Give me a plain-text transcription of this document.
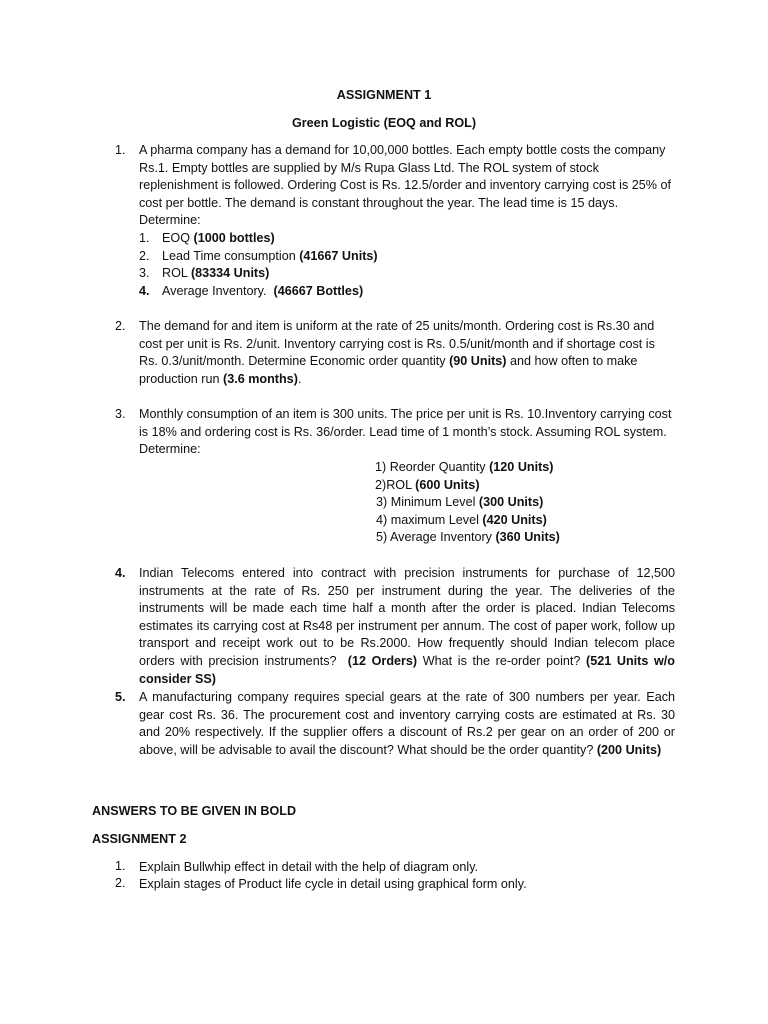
ASSIGNMENT 1
Green Logistic (EOQ and ROL)
1.	A pharma company has a demand for 10,00,000 bottles. Each empty bottle costs the company Rs.1. Empty bottles are supplied by M/s Rupa Glass Ltd. The ROL system of stock replenishment is followed. Ordering Cost is Rs. 12.5/order and inventory carrying cost is 25% of cost per bottle. The demand is constant throughout the year. The lead time is 15 days. Determine:
1. EOQ (1000 bottles)
2. Lead Time consumption (41667 Units)
3. ROL (83334 Units)
4. Average Inventory.  (46667 Bottles)
2.	The demand for and item is uniform at the rate of 25 units/month. Ordering cost is Rs.30 and cost per unit is Rs. 2/unit. Inventory carrying cost is Rs. 0.5/unit/month and if shortage cost is Rs. 0.3/unit/month. Determine Economic order quantity (90 Units) and how often to make production run (3.6 months).
3.	Monthly consumption of an item is 300 units. The price per unit is Rs. 10.Inventory carrying cost is 18% and ordering cost is Rs. 36/order. Lead time of 1 month’s stock. Assuming ROL system. Determine:
1) Reorder Quantity (120 Units)
2)ROL (600 Units)
3) Minimum Level (300 Units)
4) maximum Level (420 Units)
5) Average Inventory (360 Units)
4.	Indian Telecoms entered into contract with precision instruments for purchase of 12,500 instruments at the rate of Rs. 250 per instrument during the year. The deliveries of the instruments will be made each time half a month after the order is placed. Indian Telecoms estimates its carrying cost at Rs48 per instrument per annum. The cost of paper work, follow up transport and receipt work out to be Rs.2000. How frequently should Indian telecom place orders with precision instruments?  (12 Orders) What is the re-order point? (521 Units w/o consider SS)
5.	A manufacturing company requires special gears at the rate of 300 numbers per year. Each gear cost Rs. 36. The procurement cost and inventory carrying costs are estimated at Rs. 30 and 20% respectively. If the supplier offers a discount of Rs.2 per gear on an order of 200 or above, will be advisable to avail the discount? What should be the order quantity? (200 Units)
ANSWERS TO BE GIVEN IN BOLD
ASSIGNMENT 2
1.	Explain Bullwhip effect in detail with the help of diagram only.
2.	Explain stages of Product life cycle in detail using graphical form only.
